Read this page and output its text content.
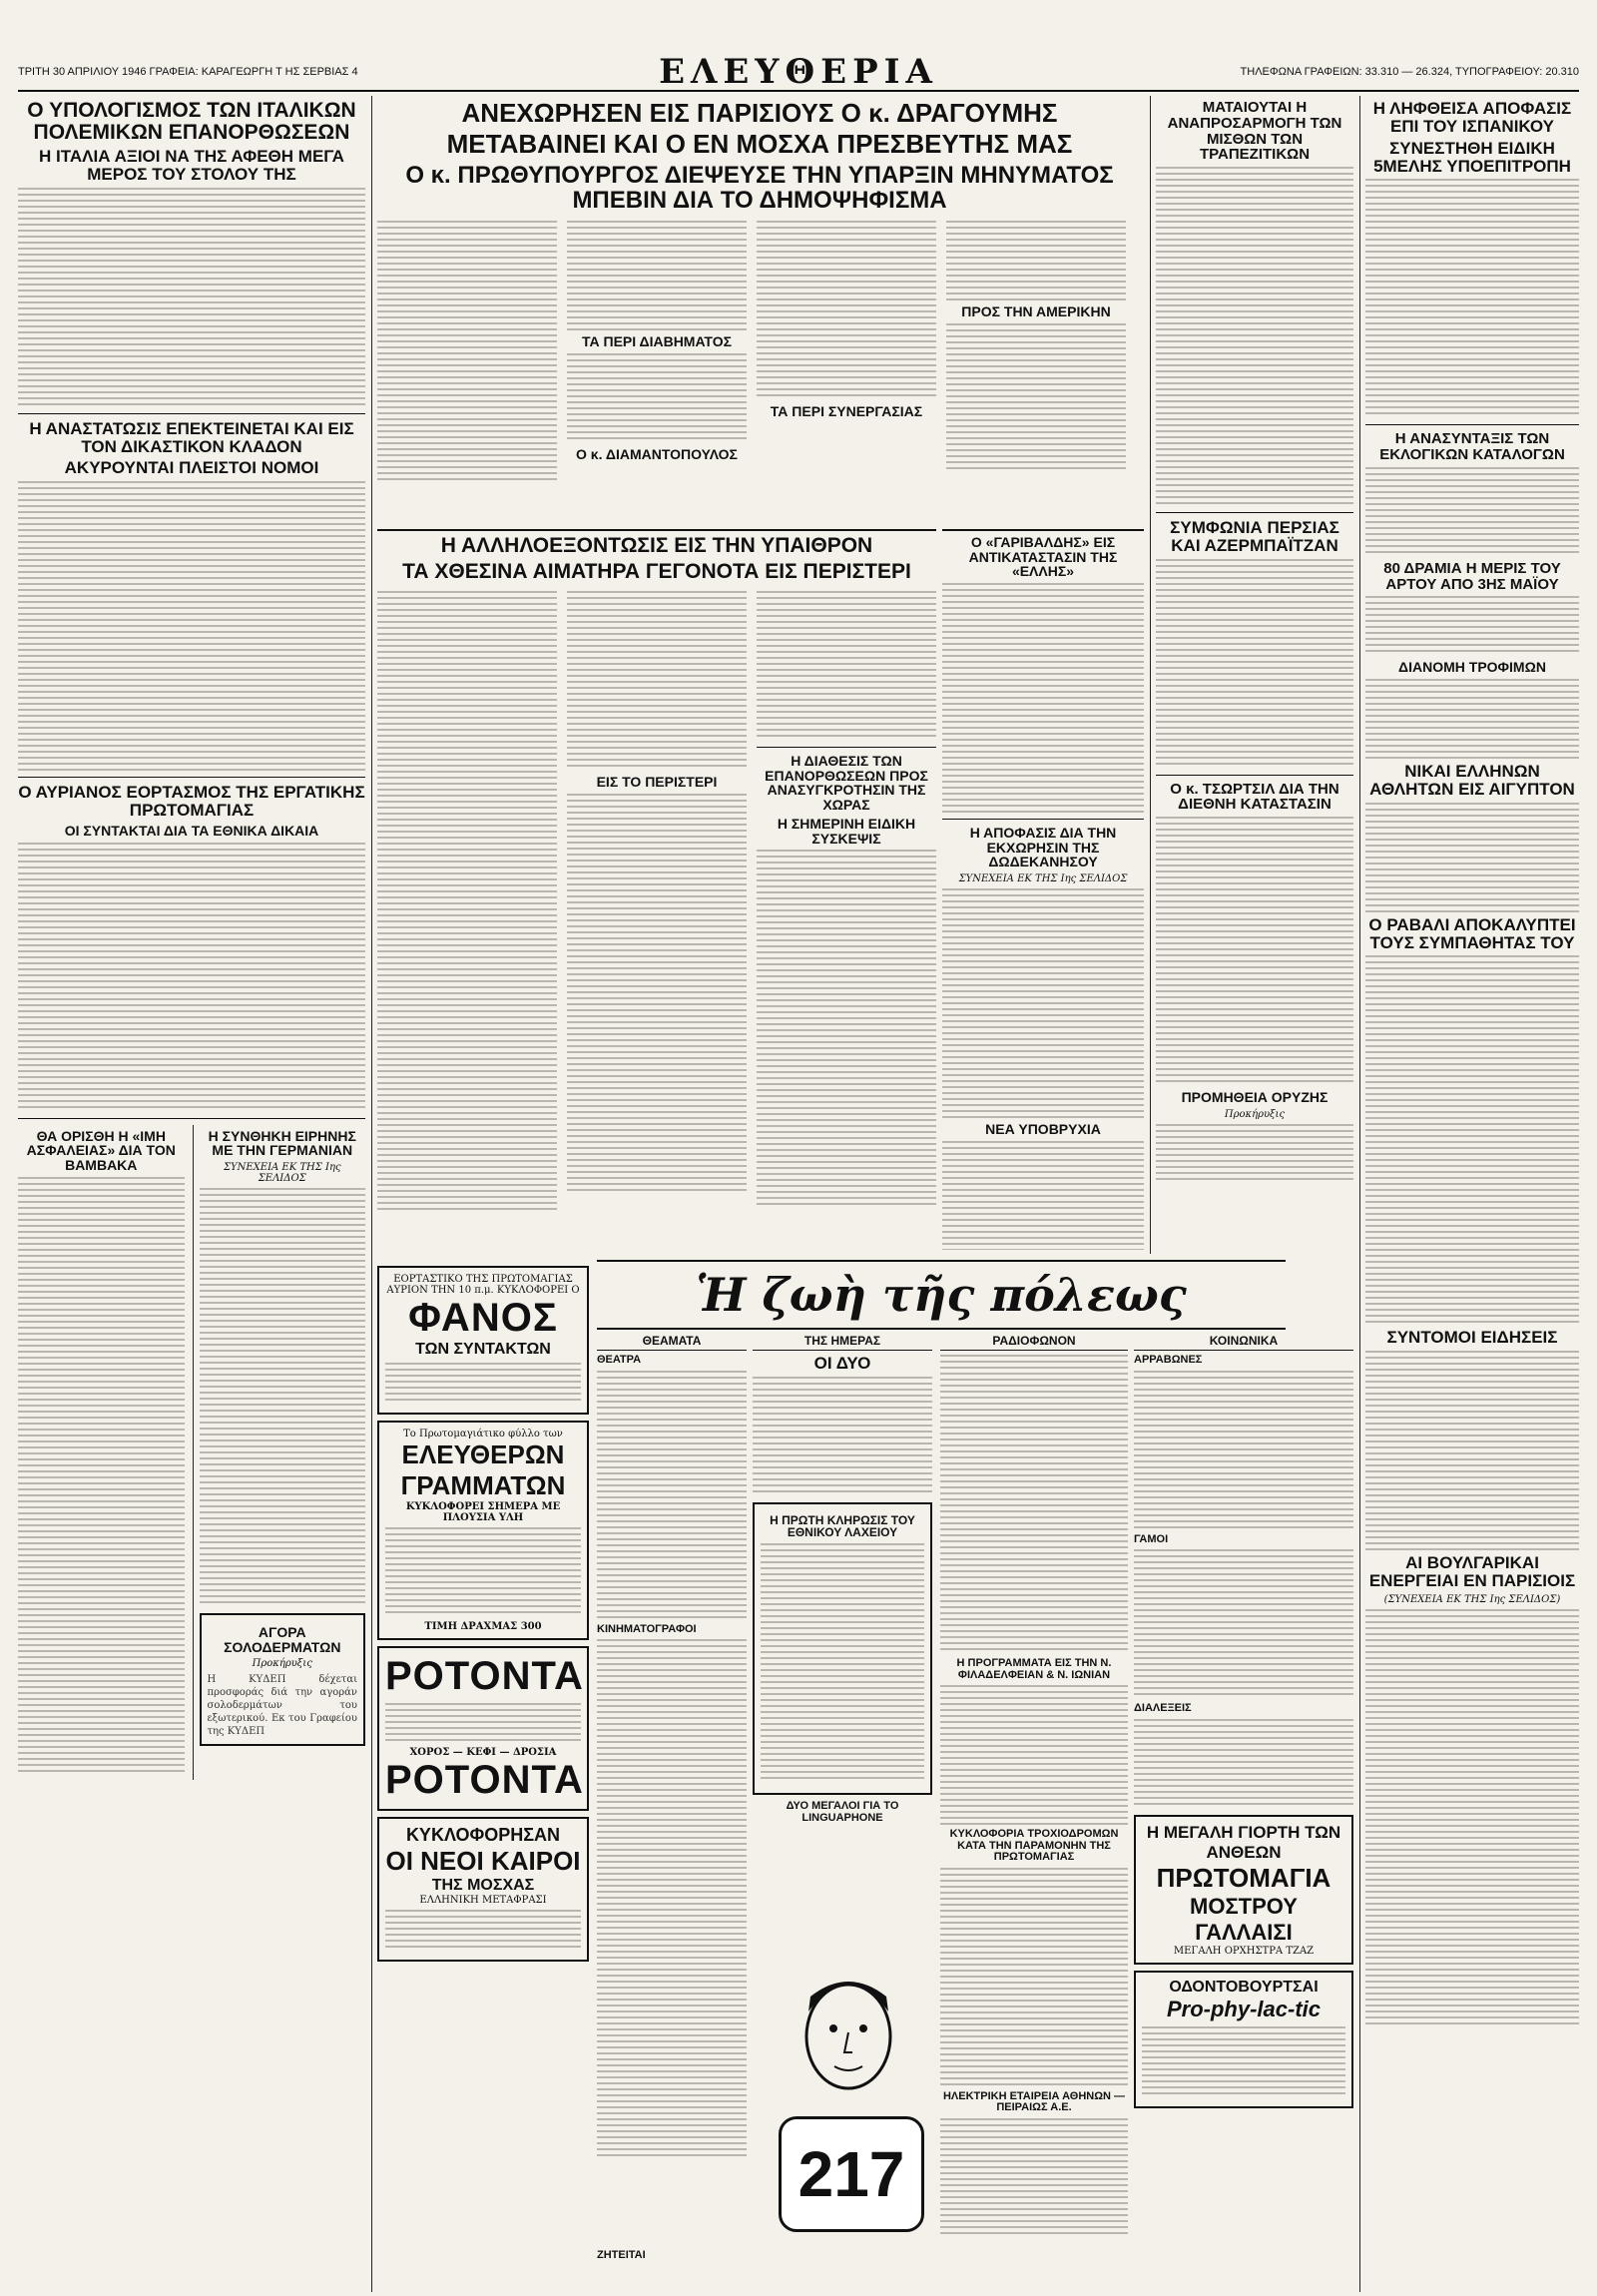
ΤΡΙΤΗ 30 ΑΠΡΙΛΙΟΥ 1946 ΓΡΑΦΕΙΑ: ΚΑΡΑΓΕΩΡΓΗ Τ ΗΣ ΣΕΡΒΙΑΣ 4	ΕΛΕΥΘΕΡΙΑ	ΤΗΛΕΦΩΝΑ ΓΡΑΦΕΙΩΝ: 33.310 — 26.324, ΤΥΠΟΓΡΑΦΕΙΟΥ: 20.310
Ο ΥΠΟΛΟΓΙΣΜΟΣ ΤΩΝ ΙΤΑΛΙΚΩΝ ΠΟΛΕΜΙΚΩΝ ΕΠΑΝΟΡΘΩΣΕΩΝ
Η ΙΤΑΛΙΑ ΑΞΙΟΙ ΝΑ ΤΗΣ ΑΦΕΘΗ ΜΕΓΑ ΜΕΡΟΣ ΤΟΥ ΣΤΟΛΟΥ ΤΗΣ
Η ΑΝΑΣΤΑΤΩΣΙΣ ΕΠΕΚΤΕΙΝΕΤΑΙ ΚΑΙ ΕΙΣ ΤΟΝ ΔΙΚΑΣΤΙΚΟΝ ΚΛΑΔΟΝ
ΑΚΥΡΟΥΝΤΑΙ ΠΛΕΙΣΤΟΙ ΝΟΜΟΙ
Ο ΑΥΡΙΑΝΟΣ ΕΟΡΤΑΣΜΟΣ ΤΗΣ ΕΡΓΑΤΙΚΗΣ ΠΡΩΤΟΜΑΓΙΑΣ
ΟΙ ΣΥΝΤΑΚΤΑΙ ΔΙΑ ΤΑ ΕΘΝΙΚΑ ΔΙΚΑΙΑ
ΘΑ ΟΡΙΣΘΗ Η «ΙΜΗ ΑΣΦΑΛΕΙΑΣ» ΔΙΑ ΤΟΝ ΒΑΜΒΑΚΑ
Η ΣΥΝΘΗΚΗ ΕΙΡΗΝΗΣ ΜΕ ΤΗΝ ΓΕΡΜΑΝΙΑΝ
ΣΥΝΕΧΕΙΑ ΕΚ ΤΗΣ Ιης ΣΕΛΙΔΟΣ
ΑΓΟΡΑ ΣΟΛΟΔΕΡΜΑΤΩΝ
Προκήρυξις
Η ΚΥΔΕΠ δέχεται προσφοράς διά την αγοράν σολοδερμάτων του εξωτερικού. Εκ του Γραφείου της ΚΥΔΕΠ
ΑΝΕΧΩΡΗΣΕΝ ΕΙΣ ΠΑΡΙΣΙΟΥΣ Ο κ. ΔΡΑΓΟΥΜΗΣ
ΜΕΤΑΒΑΙΝΕΙ ΚΑΙ Ο ΕΝ ΜΟΣΧΑ ΠΡΕΣΒΕΥΤΗΣ ΜΑΣ
Ο κ. ΠΡΩΘΥΠΟΥΡΓΟΣ ΔΙΕΨΕΥΣΕ ΤΗΝ ΥΠΑΡΞΙΝ ΜΗΝΥΜΑΤΟΣ ΜΠΕΒΙΝ ΔΙΑ ΤΟ ΔΗΜΟΨΗΦΙΣΜΑ
ΤΑ ΠΕΡΙ ΔΙΑΒΗΜΑΤΟΣ
Ο κ. ΔΙΑΜΑΝΤΟΠΟΥΛΟΣ
ΤΑ ΠΕΡΙ ΣΥΝΕΡΓΑΣΙΑΣ
ΠΡΟΣ ΤΗΝ ΑΜΕΡΙΚΗΝ
Η ΑΛΛΗΛΟΕΞΟΝΤΩΣΙΣ ΕΙΣ ΤΗΝ ΥΠΑΙΘΡΟΝ
ΤΑ ΧΘΕΣΙΝΑ ΑΙΜΑΤΗΡΑ ΓΕΓΟΝΟΤΑ ΕΙΣ ΠΕΡΙΣΤΕΡΙ
ΕΙΣ ΤΟ ΠΕΡΙΣΤΕΡΙ
Η ΔΙΑΘΕΣΙΣ ΤΩΝ ΕΠΑΝΟΡΘΩΣΕΩΝ ΠΡΟΣ ΑΝΑΣΥΓΚΡΟΤΗΣΙΝ ΤΗΣ ΧΩΡΑΣ
Η ΣΗΜΕΡΙΝΗ ΕΙΔΙΚΗ ΣΥΣΚΕΨΙΣ
Ο «ΓΑΡΙΒΑΛΔΗΣ» ΕΙΣ ΑΝΤΙΚΑΤΑΣΤΑΣΙΝ ΤΗΣ «ΕΛΛΗΣ»
Η ΑΠΟΦΑΣΙΣ ΔΙΑ ΤΗΝ ΕΚΧΩΡΗΣΙΝ ΤΗΣ ΔΩΔΕΚΑΝΗΣΟΥ
ΣΥΝΕΧΕΙΑ ΕΚ ΤΗΣ Ιης ΣΕΛΙΔΟΣ
ΝΕΑ ΥΠΟΒΡΥΧΙΑ
ΜΑΤΑΙΟΥΤΑΙ Η ΑΝΑΠΡΟΣΑΡΜΟΓΗ ΤΩΝ ΜΙΣΘΩΝ ΤΩΝ ΤΡΑΠΕΖΙΤΙΚΩΝ
ΣΥΜΦΩΝΙΑ ΠΕΡΣΙΑΣ ΚΑΙ ΑΖΕΡΜΠΑΪΤΖΑΝ
Ο κ. ΤΣΩΡΤΣΙΛ ΔΙΑ ΤΗΝ ΔΙΕΘΝΗ ΚΑΤΑΣΤΑΣΙΝ
ΠΡΟΜΗΘΕΙΑ ΟΡΥΖΗΣ
Προκήρυξις
Η ΛΗΦΘΕΙΣΑ ΑΠΟΦΑΣΙΣ ΕΠΙ ΤΟΥ ΙΣΠΑΝΙΚΟΥ
ΣΥΝΕΣΤΗΘΗ ΕΙΔΙΚΗ 5ΜΕΛΗΣ ΥΠΟΕΠΙΤΡΟΠΗ
Η ΑΝΑΣΥΝΤΑΞΙΣ ΤΩΝ ΕΚΛΟΓΙΚΩΝ ΚΑΤΑΛΟΓΩΝ
80 ΔΡΑΜΙΑ Η ΜΕΡΙΣ ΤΟΥ ΑΡΤΟΥ ΑΠΟ 3ΗΣ ΜΑΪΟΥ
ΔΙΑΝΟΜΗ ΤΡΟΦΙΜΩΝ
ΝΙΚΑΙ ΕΛΛΗΝΩΝ ΑΘΛΗΤΩΝ ΕΙΣ ΑΙΓΥΠΤΟΝ
Ο ΡΑΒΑΛΙ ΑΠΟΚΑΛΥΠΤΕΙ ΤΟΥΣ ΣΥΜΠΑΘΗΤΑΣ ΤΟΥ
ΣΥΝΤΟΜΟΙ ΕΙΔΗΣΕΙΣ
ΑΙ ΒΟΥΛΓΑΡΙΚΑΙ ΕΝΕΡΓΕΙΑΙ ΕΝ ΠΑΡΙΣΙΟΙΣ
(ΣΥΝΕΧΕΙΑ ΕΚ ΤΗΣ Ιης ΣΕΛΙΔΟΣ)
ΕΟΡΤΑΣΤΙΚΟ ΤΗΣ ΠΡΩΤΟΜΑΓΙΑΣ ΑΥΡΙΟΝ ΤΗΝ 10 π.μ. ΚΥΚΛΟΦΟΡΕΙ Ο
ΦΑΝΟΣ
ΤΩΝ ΣΥΝΤΑΚΤΩΝ
Το Πρωτομαγιάτικο φύλλο των
ΕΛΕΥΘΕΡΩΝ ΓΡΑΜΜΑΤΩΝ
ΚΥΚΛΟΦΟΡΕΙ ΣΗΜΕΡΑ ΜΕ ΠΛΟΥΣΙΑ ΥΛΗ
ΤΙΜΗ ΔΡΑΧΜΑΣ 300
ΡΟΤΟΝΤΑ
ΧΟΡΟΣ — ΚΕΦΙ — ΔΡΟΣΙΑ
ΡΟΤΟΝΤΑ
ΚΥΚΛΟΦΟΡΗΣΑΝ
ΟΙ ΝΕΟΙ ΚΑΙΡΟΙ
ΤΗΣ ΜΟΣΧΑΣ
ΕΛΛΗΝΙΚΗ ΜΕΤΑΦΡΑΣΙ
Ἡ ζωὴ τῆς πόλεως
ΘΕΑΜΑΤΑ
ΘΕΑΤΡΑ
ΚΙΝΗΜΑΤΟΓΡΑΦΟΙ
ΤΗΣ ΗΜΕΡΑΣ
ΟΙ ΔΥΟ
Η ΠΡΩΤΗ ΚΛΗΡΩΣΙΣ ΤΟΥ ΕΘΝΙΚΟΥ ΛΑΧΕΙΟΥ
ΔΥΟ ΜΕΓΑΛΟΙ ΓΙΑ ΤΟ LINGUAPHONE
217
ΖΗΤΕΙΤΑΙ
ΡΑΔΙΟΦΩΝΟΝ
Η ΠΡΟΓΡΑΜΜΑΤΑ ΕΙΣ ΤΗΝ Ν. ΦΙΛΑΔΕΛΦΕΙΑΝ & Ν. ΙΩΝΙΑΝ
ΚΥΚΛΟΦΟΡΙΑ ΤΡΟΧΙΟΔΡΟΜΩΝ ΚΑΤΑ ΤΗΝ ΠΑΡΑΜΟΝΗΝ ΤΗΣ ΠΡΩΤΟΜΑΓΙΑΣ
ΗΛΕΚΤΡΙΚΗ ΕΤΑΙΡΕΙΑ ΑΘΗΝΩΝ — ΠΕΙΡΑΙΩΣ Α.Ε.
ΚΟΙΝΩΝΙΚΑ
ΑΡΡΑΒΩΝΕΣ
ΓΑΜΟΙ
ΔΙΑΛΕΞΕΙΣ
Η ΜΕΓΑΛΗ ΓΙΟΡΤΗ ΤΩΝ ΑΝΘΕΩΝ
ΠΡΩΤΟΜΑΓΙΑ
ΜΟΣΤΡΟΥ ΓΑΛΛΑΙΣΙ
ΜΕΓΑΛΗ ΟΡΧΗΣΤΡΑ ΤΖΑΖ
ΟΔΟΝΤΟΒΟΥΡΤΣΑΙ
Pro-phy-lac-tic
